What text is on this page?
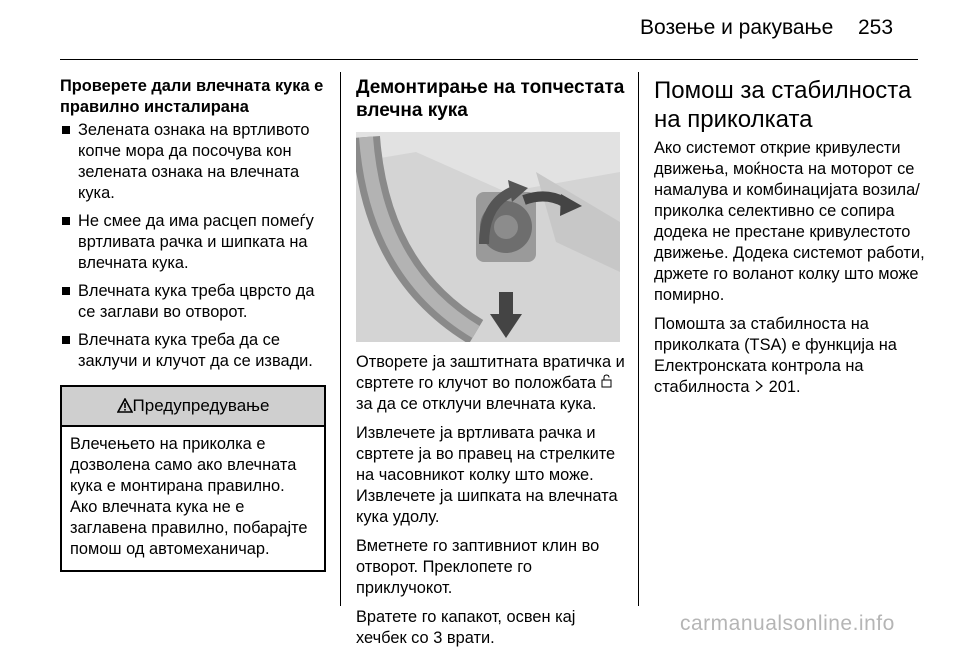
Возење и ракување 253
Проверете дали влечната кука е правилно инсталирана
Зелената ознака на вртливото копче мора да посочува кон зелената ознака на влечната кука.
Не смее да има расцеп помеѓу вртливата рачка и шипката на влечната кука.
Влечната кука треба цврсто да се заглави во отворот.
Влечната кука треба да се заклучи и клучот да се извади.
Предупредување
Влечењето на приколка е дозволена само ако влечната кука е монтирана правилно. Ако влечната кука не е заглавена правилно, побарајте помош од автомеханичар.
Демонтирање на топчестата влечна кука

Отворете ја заштитната вратичка и свртете го клучот во положбата  за да се отклучи влечната кука.

Извлечете ја вртливата рачка и свртете ја во правец на стрелките на часовникот колку што може. Извлечете ја шипката на влечната кука удолу.

Вметнете го заптивниот клин во отворот. Преклопете го приклучокот.

Вратете го капакот, освен кај хечбек со 3 врати.

Помош за стабилноста на приколката

Ако системот открие кривулести движења, моќноста на моторот се намалува и комбинацијата возила/приколка селективно се сопира додека не престане кривулестото движење. Додека системот работи, држете го воланот колку што може помирно.

Помошта за стабилноста на приколката (TSA) е функција на Електронската контрола на стабилноста 201.

carmanualsonline.info
